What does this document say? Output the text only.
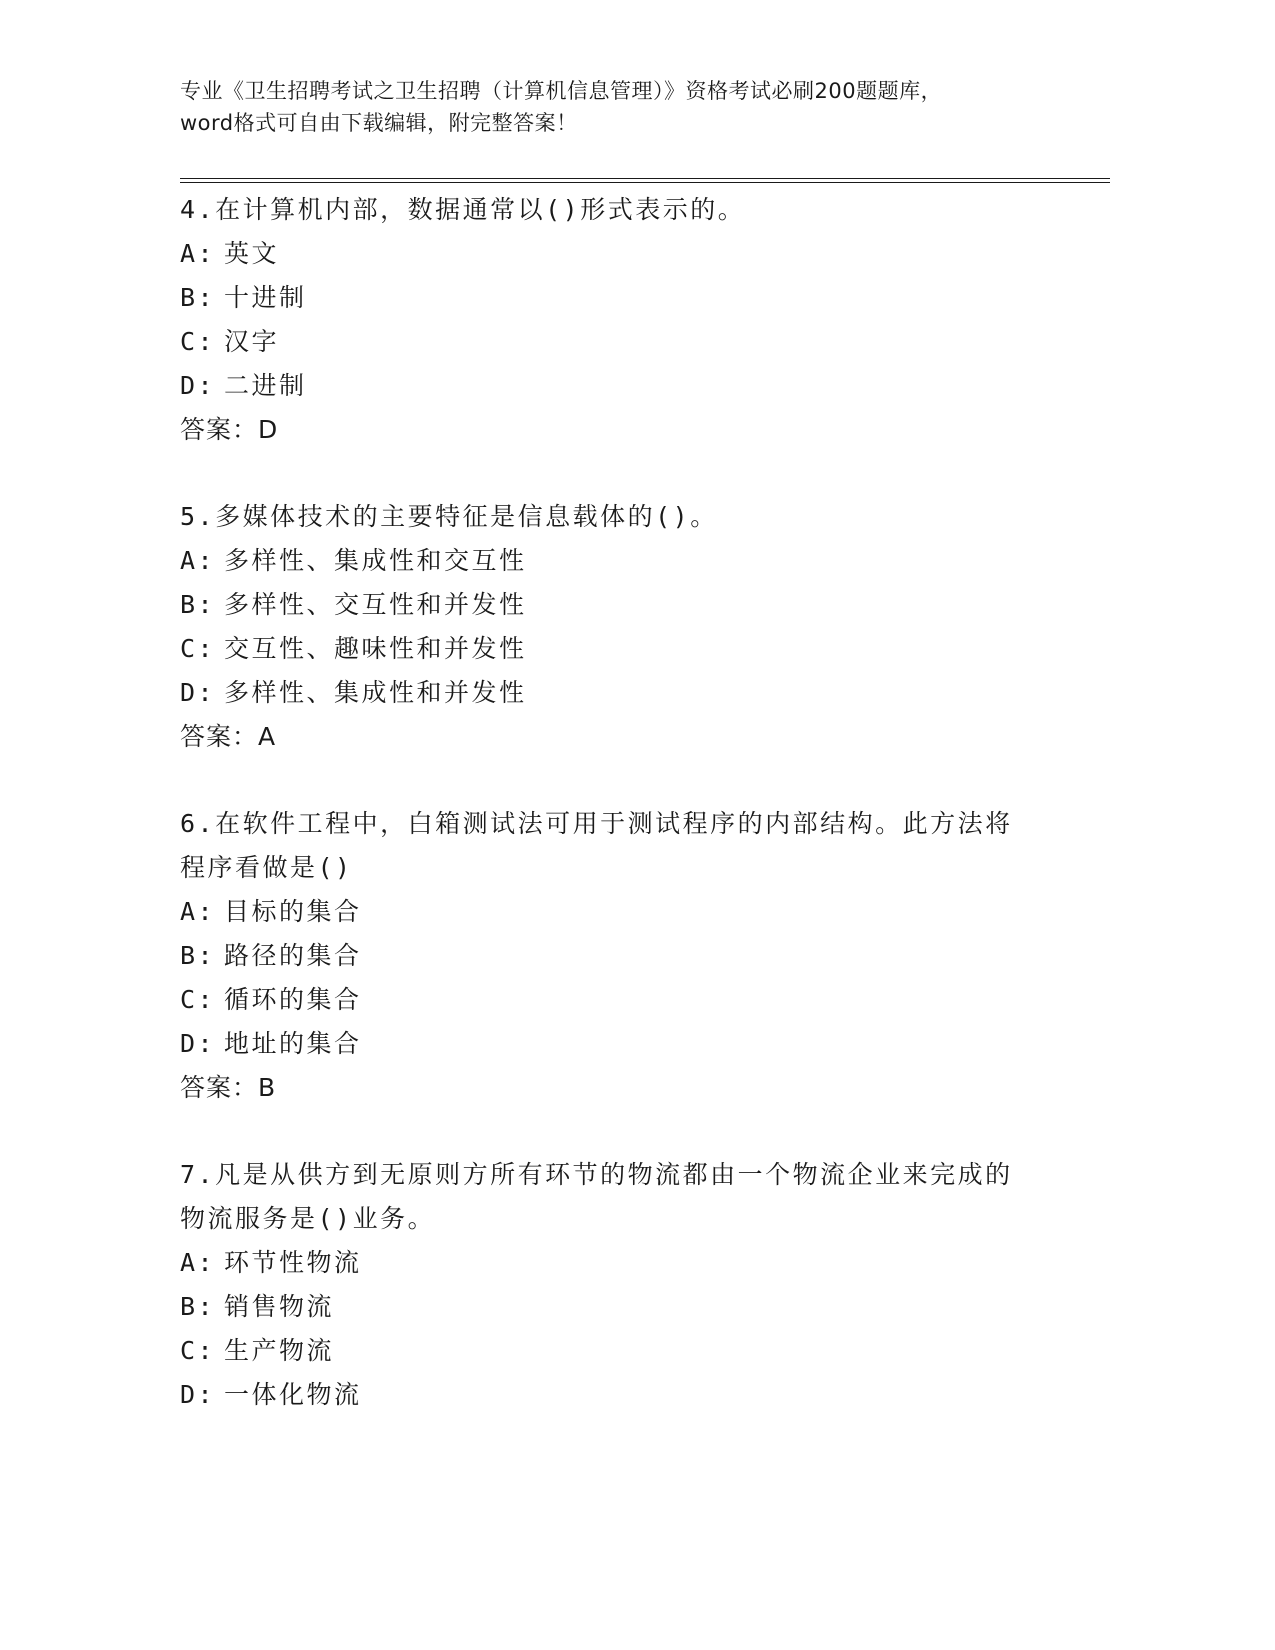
专业《卫生招聘考试之卫生招聘（计算机信息管理）》资格考试必刷200题题库，
word格式可自由下载编辑，附完整答案！

4.在计算机内部，数据通常以()形式表示的。

A: 英文

B: 十进制

C: 汉字

D: 二进制

答案：D

5.多媒体技术的主要特征是信息载体的()。

A: 多样性、集成性和交互性

B: 多样性、交互性和并发性

C: 交互性、趣味性和并发性

D: 多样性、集成性和并发性

答案：A

6.在软件工程中，白箱测试法可用于测试程序的内部结构。此方法将程序看做是()

A: 目标的集合

B: 路径的集合

C: 循环的集合

D: 地址的集合

答案：B

7.凡是从供方到无原则方所有环节的物流都由一个物流企业来完成的物流服务是()业务。

A: 环节性物流

B: 销售物流

C: 生产物流

D: 一体化物流
